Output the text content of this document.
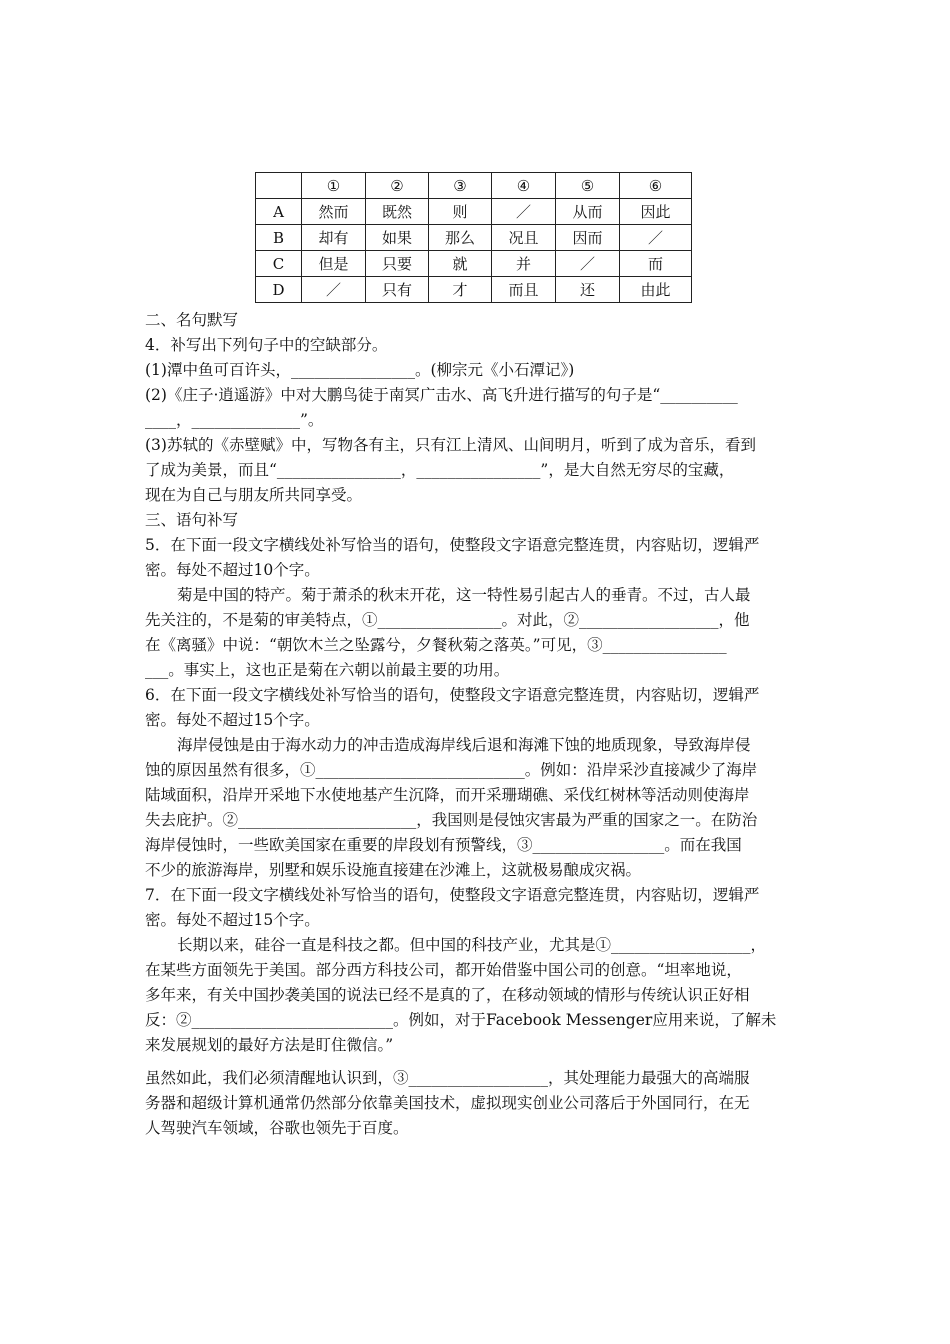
	①	②	③	④	⑤	⑥
A	然而	既然	则	／	从而	因此
B	却有	如果	那么	况且	因而	／
C	但是	只要	就	并	／	而
D	／	只有	才	而且	还	由此
二、名句默写
4．补写出下列句子中的空缺部分。
(1)潭中鱼可百许头，________________。(柳宗元《小石潭记》)
(2)《庄子·逍遥游》中对大鹏鸟徒于南冥广击水、高飞升进行描写的句子是“__________
____，______________”。
(3)苏轼的《赤壁赋》中，写物各有主，只有江上清风、山间明月，听到了成为音乐，看到
了成为美景，而且“________________，________________”，是大自然无穷尽的宝藏，
现在为自己与朋友所共同享受。
三、语句补写
5．在下面一段文字横线处补写恰当的语句，使整段文字语意完整连贯，内容贴切，逻辑严
密。每处不超过10个字。
菊是中国的特产。菊于萧杀的秋末开花，这一特性易引起古人的垂青。不过，古人最
先关注的，不是菊的审美特点，①________________。对此，②__________________，他
在《离骚》中说：“朝饮木兰之坠露兮，夕餐秋菊之落英。”可见，③________________
___。事实上，这也正是菊在六朝以前最主要的功用。
6．在下面一段文字横线处补写恰当的语句，使整段文字语意完整连贯，内容贴切，逻辑严
密。每处不超过15个字。
海岸侵蚀是由于海水动力的冲击造成海岸线后退和海滩下蚀的地质现象，导致海岸侵
蚀的原因虽然有很多，①___________________________。例如：沿岸采沙直接减少了海岸
陆域面积，沿岸开采地下水使地基产生沉降，而开采珊瑚礁、采伐红树林等活动则使海岸
失去庇护。②_______________________，我国则是侵蚀灾害最为严重的国家之一。在防治
海岸侵蚀时，一些欧美国家在重要的岸段划有预警线，③_________________。而在我国
不少的旅游海岸，别墅和娱乐设施直接建在沙滩上，这就极易酿成灾祸。
7．在下面一段文字横线处补写恰当的语句，使整段文字语意完整连贯，内容贴切，逻辑严
密。每处不超过15个字。
长期以来，硅谷一直是科技之都。但中国的科技产业，尤其是①__________________，
在某些方面领先于美国。部分西方科技公司，都开始借鉴中国公司的创意。“坦率地说，
多年来，有关中国抄袭美国的说法已经不是真的了，在移动领域的情形与传统认识正好相
反：②__________________________。例如，对于Facebook Messenger应用来说，了解未
来发展规划的最好方法是盯住微信。”
虽然如此，我们必须清醒地认识到，③__________________，其处理能力最强大的高端服
务器和超级计算机通常仍然部分依靠美国技术，虚拟现实创业公司落后于外国同行，在无
人驾驶汽车领域，谷歌也领先于百度。
